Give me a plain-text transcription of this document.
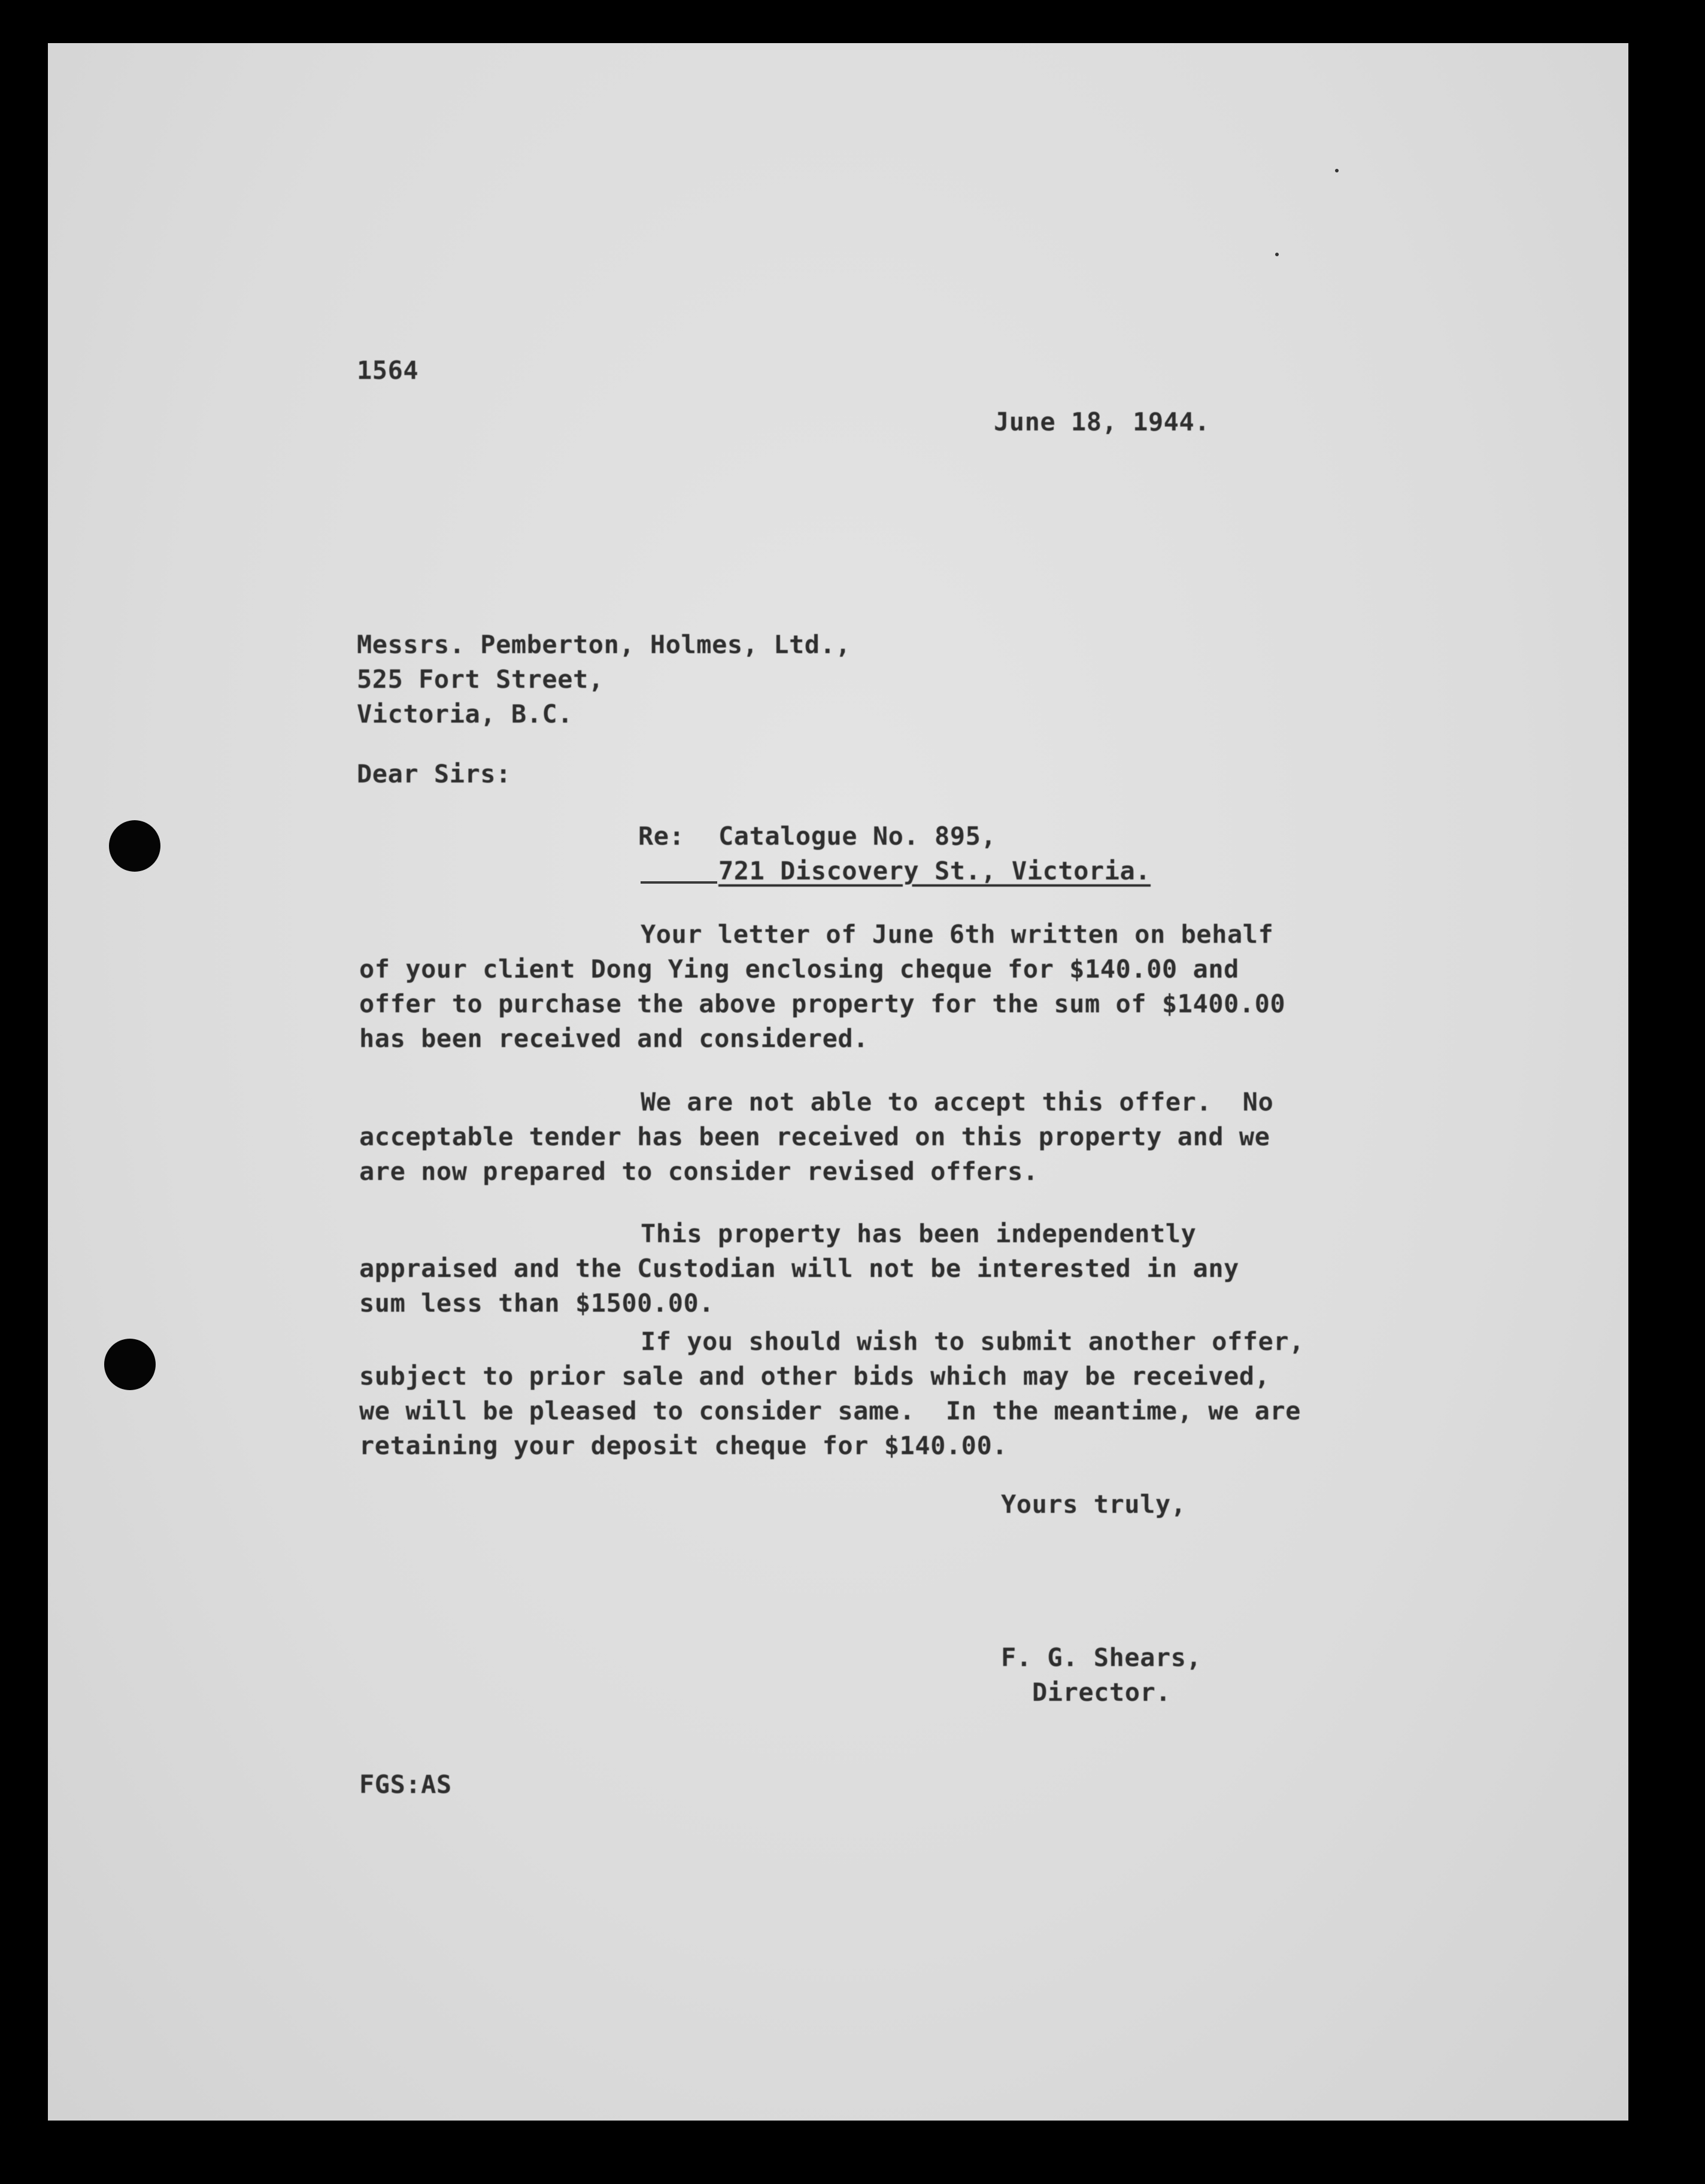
1564
June 18, 1944.
Messrs. Pemberton, Holmes, Ltd.,
525 Fort Street,
Victoria, B.C.
Dear Sirs:
Re: Catalogue No. 895,
721 Discovery St., Victoria.
Your letter of June 6th written on behalf
of your client Dong Ying enclosing cheque for $140.00 and
offer to purchase the above property for the sum of $1400.00
has been received and considered.
We are not able to accept this offer.  No
acceptable tender has been received on this property and we
are now prepared to consider revised offers.
This property has been independently
appraised and the Custodian will not be interested in any
sum less than $1500.00.
If you should wish to submit another offer,
subject to prior sale and other bids which may be received,
we will be pleased to consider same.  In the meantime, we are
retaining your deposit cheque for $140.00.
Yours truly,
F. G. Shears,
Director.
FGS:AS
